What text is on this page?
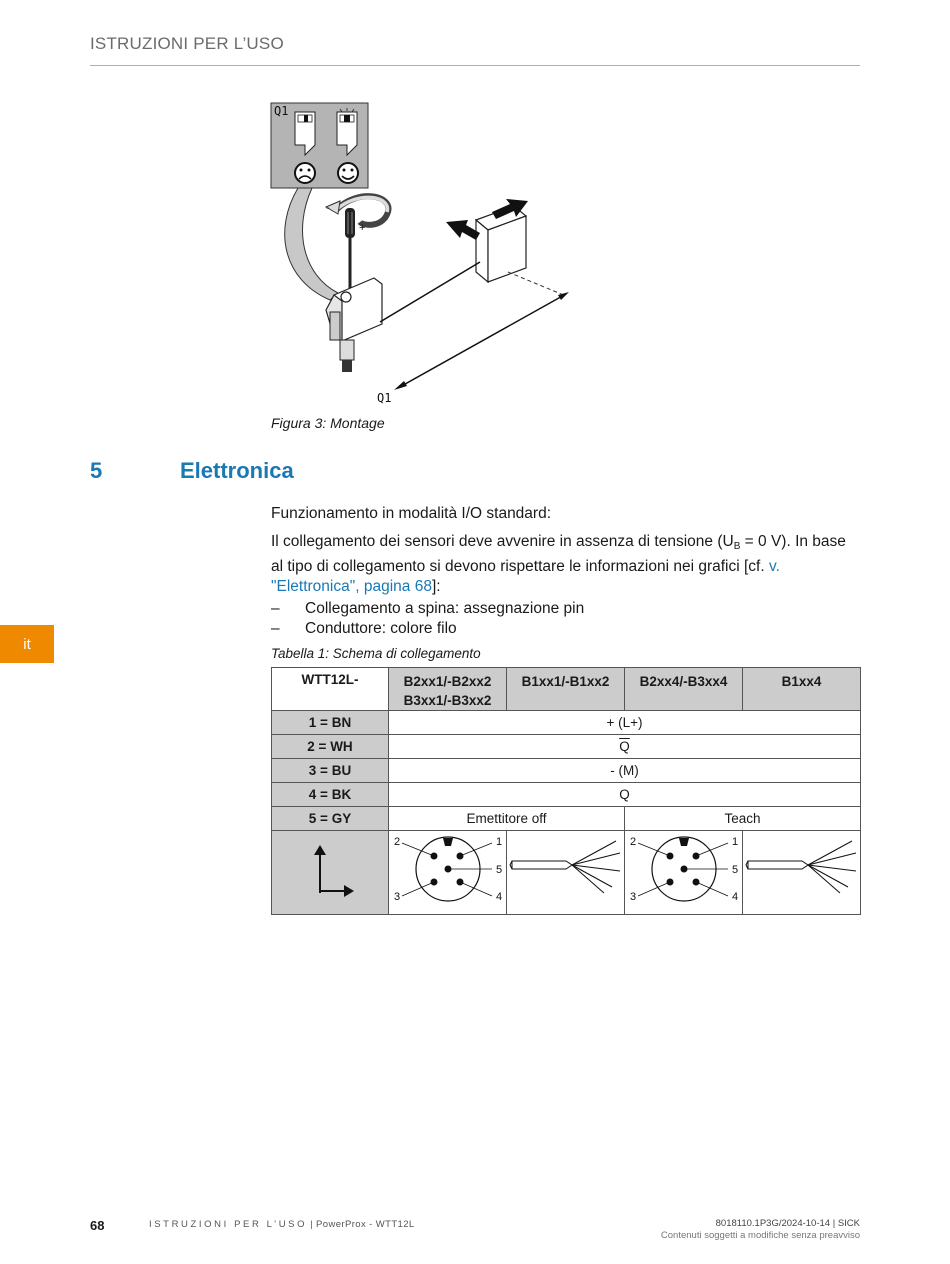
ISTRUZIONI PER L’USO
Q1
-
+
Q1
Figura 3: Montage
5	Elettronica
Funzionamento in modalità I/O standard:
Il collegamento dei sensori deve avvenire in assenza di tensione ($U_B = 0$ V). In base al tipo di collegamento si devono rispettare le informazioni nei grafici [cf. v. "Elettronica", pagina 68]:
–	Collegamento a spina: assegnazione pin
–	Conduttore: colore filo
it
Tabella 1: Schema di collegamento
WTT12L-	B2xx1/-B2xx2 B3xx1/-B3xx2	B1xx1/-B1xx2	B2xx4/-B3xx4	B1xx4
1 = BN	+ (L+)			
2 = WH	$\overline{Q}$
3 = BU	- (M)			
4 = BK	Q			
5 = GY	Emettitore off		Teach	

2 1
5
3 4		2 1
5
3 4

68	ISTRUZIONI PER L’USO | PowerProx - WTT12L	8018110.1P3G/2024-10-14 | SICK
Contenuti soggetti a modifiche senza preavviso
